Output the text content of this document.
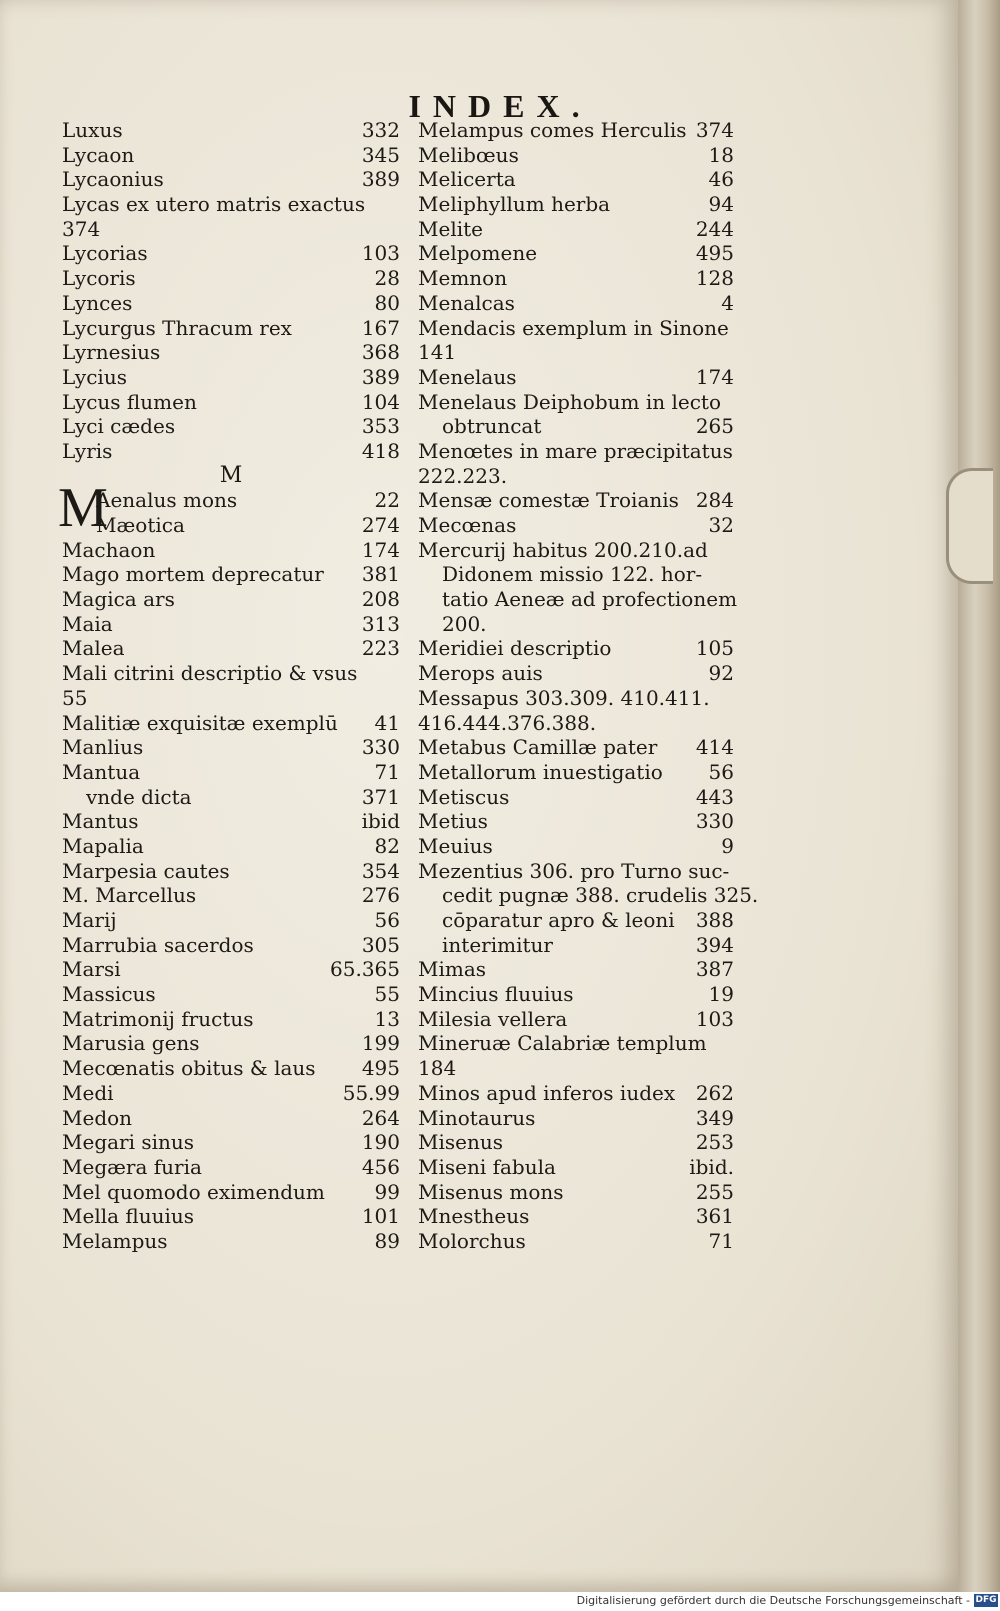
INDEX.
Luxus	332
Lycaon	345
Lycaonius	389
Lycas ex utero matris exactus
374
Lycorias	103
Lycoris	28
Lynces	80
Lycurgus Thracum rex	167
Lyrnesius	368
Lycius	389
Lycus flumen	104
Lyci cædes	353
Lyris	418
M
M
Aenalus mons	22
Mæotica	274
Machaon	174
Mago mortem deprecatur 381
Magica ars	208
Maia	313
Malea	223
Mali citrini descriptio & vsus
55
Malitiæ exquisitæ exemplū 41
Manlius	330
Mantua	71
vnde dicta	371
Mantus	ibid
Mapalia	82
Marpesia cautes	354
M. Marcellus	276
Marij	56
Marrubia sacerdos	305
Marsi	65.365
Massicus	55
Matrimonij fructus	13
Marusia gens	199
Mecœnatis obitus & laus 495
Medi	55.99
Medon	264
Megari sinus	190
Megæra furia	456
Mel quomodo eximendum 99
Mella fluuius	101
Melampus	89
Melampus comes Herculis 374
Melibœus	18
Melicerta	46
Meliphyllum herba	94
Melite	244
Melpomene	495
Memnon	128
Menalcas	4
Mendacis exemplum in Sinone
141
Menelaus	174
Menelaus Deiphobum in lecto
obtruncat	265
Menœtes in mare præcipitatus
222.223.
Mensæ comestæ Troianis 284
Mecœnas	32
Mercurij habitus 200.210.ad
Didonem missio 122. hor-
tatio Aeneæ ad profectionem
200.
Meridiei descriptio	105
Merops auis	92
Messapus 303.309. 410.411.
416.444.376.388.
Metabus Camillæ pater 414
Metallorum inuestigatio 56
Metiscus	443
Metius	330
Meuius	9
Mezentius 306. pro Turno suc-
cedit pugnæ 388. crudelis 325.
cōparatur apro & leoni 388
interimitur	394
Mimas	387
Mincius fluuius	19
Milesia vellera	103
Mineruæ Calabriæ templum
184
Minos apud inferos iudex 262
Minotaurus	349
Misenus	253
Miseni fabula	ibid.
Misenus mons	255
Mnestheus	361
Molorchus	71
Digitalisierung gefördert durch die Deutsche Forschungsgemeinschaft - DFG
